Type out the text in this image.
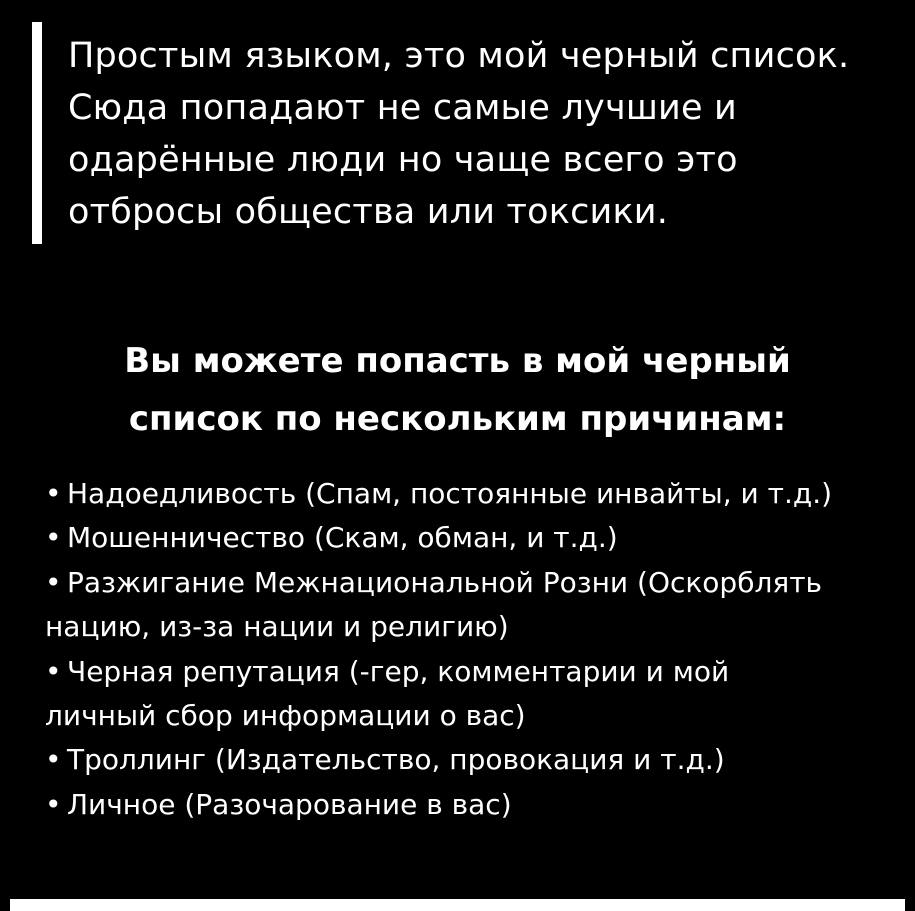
Простым языком, это мой черный список.
Сюда попадают не самые лучшие и
одарённые люди но чаще всего это
отбросы общества или токсики.
Вы можете попасть в мой черный
список по нескольким причинам:
• Надоедливость (Спам, постоянные инвайты, и т.д.)
• Мошенничество (Скам, обман, и т.д.)
• Разжигание Межнациональной Розни (Оскорблять
нацию, из-за нации и религию)
• Черная репутация (-гер, комментарии и мой
личный сбор информации о вас)
• Троллинг (Издательство, провокация и т.д.)
• Личное (Разочарование в вас)
